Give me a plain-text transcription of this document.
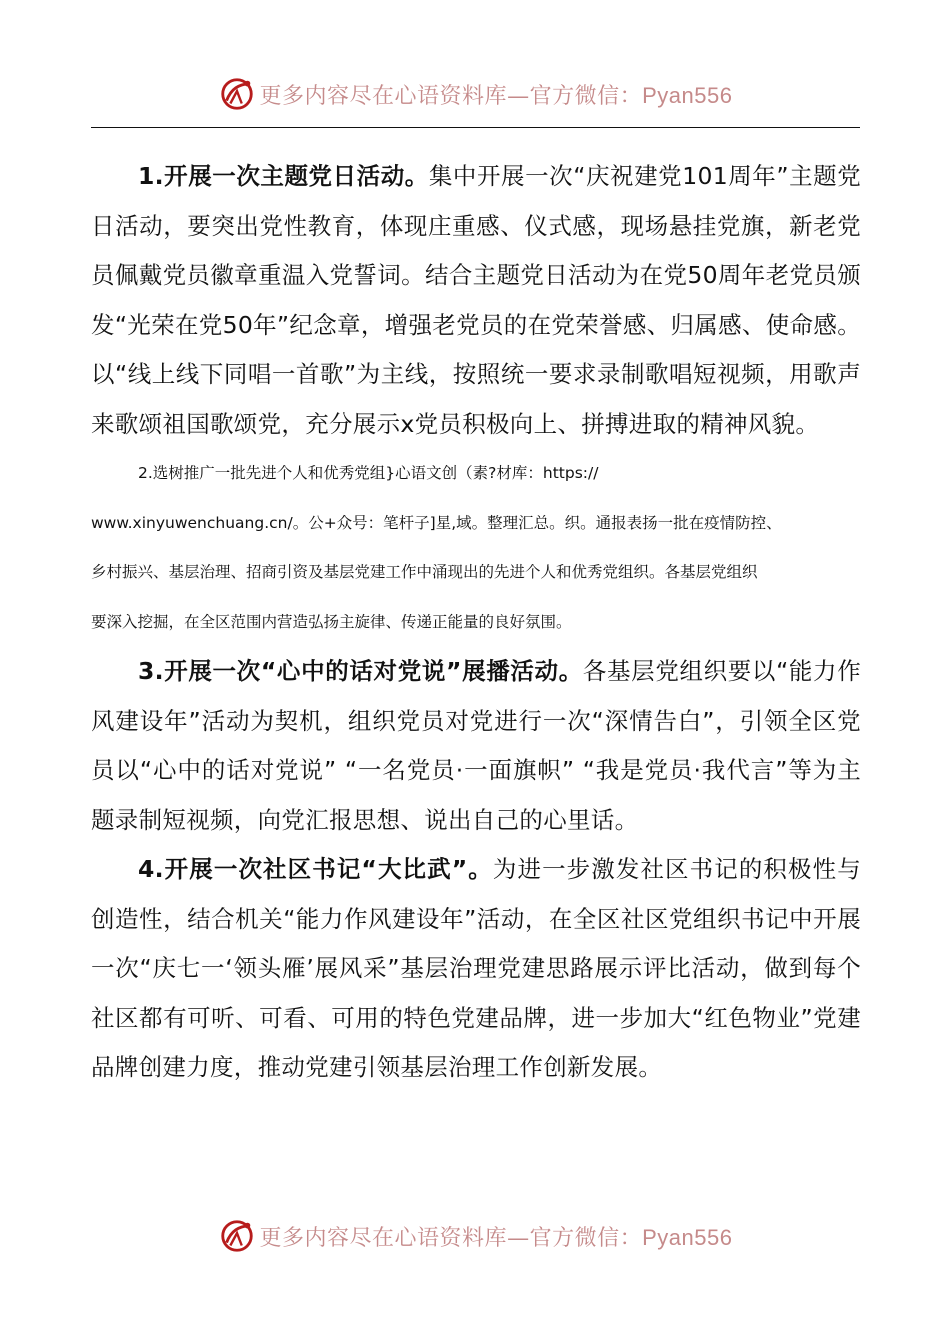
更多内容尽在心语资料库—官方微信：Pyan556

1.开展一次主题党日活动。集中开展一次“庆祝建党101周年”主题党日活动，要突出党性教育，体现庄重感、仪式感，现场悬挂党旗，新老党员佩戴党员徽章重温入党誓词。结合主题党日活动为在党50周年老党员颁发“光荣在党50年”纪念章，增强老党员的在党荣誉感、归属感、使命感。以“线上线下同唱一首歌”为主线，按照统一要求录制歌唱短视频，用歌声来歌颂祖国歌颂党，充分展示x党员积极向上、拼搏进取的精神风貌。

2.选树推广一批先进个人和优秀党组}心语文创（素?材库：https://
www.xinyuwenchuang.cn/。公+众号：笔杆子]星,域。整理汇总。织。通报表扬一批在疫情防控、
乡村振兴、基层治理、招商引资及基层党建工作中涌现出的先进个人和优秀党组织。各基层党组织
要深入挖掘，在全区范围内营造弘扬主旋律、传递正能量的良好氛围。

3.开展一次“心中的话对党说”展播活动。各基层党组织要以“能力作风建设年”活动为契机，组织党员对党进行一次“深情告白”，引领全区党员以“心中的话对党说” “一名党员·一面旗帜” “我是党员·我代言”等为主题录制短视频，向党汇报思想、说出自己的心里话。

4.开展一次社区书记“大比武”。为进一步激发社区书记的积极性与创造性，结合机关“能力作风建设年”活动，在全区社区党组织书记中开展一次“庆七一‘领头雁’展风采”基层治理党建思路展示评比活动，做到每个社区都有可听、可看、可用的特色党建品牌，进一步加大“红色物业”党建品牌创建力度，推动党建引领基层治理工作创新发展。

更多内容尽在心语资料库—官方微信：Pyan556
